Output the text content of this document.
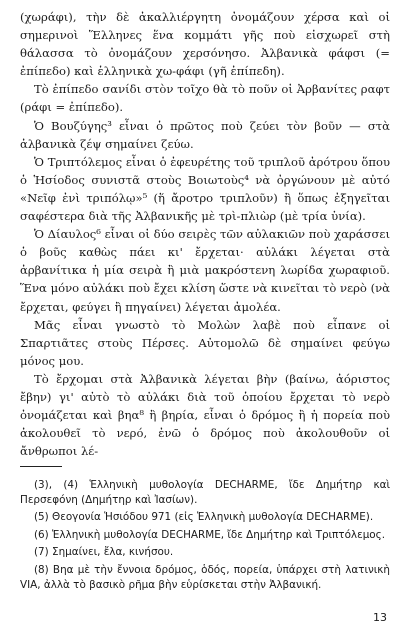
(χωράφι), τὴν δὲ ἀκαλλιέργητη ὀνομάζουν χέρσα καὶ οἱ σημερινοὶ Ἕλληνες ἕνα κομμάτι γῆς ποὺ εἰσχωρεῖ στὴ θάλασσα τὸ ὀνομάζουν χερσόνησο. Ἀλβανικὰ φάφσι (= ἐπίπεδο) καὶ ἑλληνικὰ χω-φάφι (γῆ ἐπίπεδη).

Τὸ ἐπίπεδο σανίδι στὸν τοῖχο θὰ τὸ ποῦν οἱ Ἀρβανίτες ραφτ (ράφι = ἐπίπεδο).

Ὁ Βουζύγης³ εἶναι ὁ πρῶτος ποὺ ζεύει τὸν βοῦν — στὰ ἀλβανικὰ ζέψ σημαίνει ζεύω.

Ὁ Τριπτόλεμος εἶναι ὁ ἐφευρέτης τοῦ τριπλοῦ ἀρότρου ὅπου ὁ Ἡσίοδος συνιστᾶ στοὺς Βοιωτοὺς⁴ νὰ ὀργώνουν μὲ αὐτό «Νεῖφ ἐνὶ τριπόλῳ»⁵ (ἥ ἄροτρο τριπλοῦν) ἢ ὅπως ἐξηγεῖται σαφέστερα διὰ τῆς Ἀλβανικῆς μὲ τρὶ-πλιὼρ (μὲ τρία ὑνία).

Ὁ Δίαυλος⁶ εἶναι οἱ δύο σειρὲς τῶν αὐλακιῶν ποὺ χαράσσει ὁ βοῦς καθὼς πάει κι' ἔρχεται· αὐλάκι λέγεται στὰ ἀρβανίτικα ἡ μία σειρὰ ἢ μιὰ μακρόστενη λωρίδα χωραφιοῦ. Ἕνα μόνο αὐλάκι ποὺ ἔχει κλίση ὥστε νὰ κινεῖται τὸ νερὸ (νὰ ἔρχεται, φεύγει ἢ πηγαίνει) λέγεται ἀμολέα.

Μᾶς εἶναι γνωστὸ τὸ Μολὼν λαβὲ ποὺ εἶπανε οἱ Σπαρτιᾶτες στοὺς Πέρσες. Αὐτομολῶ δὲ σημαίνει φεύγω μόνος μου.

Τὸ ἔρχομαι στὰ Ἀλβανικὰ λέγεται βὴν (βαίνω, ἀόριστος ἔβην) γι' αὐτὸ τὸ αὐλάκι διὰ τοῦ ὁποίου ἔρχεται τὸ νερὸ ὀνομάζεται καὶ βηα⁸ ἢ βηρία, εἶναι ὁ δρόμος ἢ ἡ πορεία ποὺ ἀκολουθεῖ τὸ νερό, ἐνῶ ὁ δρόμος ποὺ ἀκολουθοῦν οἱ ἄνθρωποι λέ-

(3), (4) Ἑλληνικὴ μυθολογία DECHARME, ἴδε Δημήτηρ καὶ Περσεφόνη (Δημήτηρ καὶ Ἰασίων).

(5) Θεογονία Ἡσιόδου 971 (εἰς Ἑλληνικὴ μυθολογία DECHARME).

(6) Ἑλληνικὴ μυθολογία DECHARME, ἴδε Δημήτηρ καὶ Τριπτόλεμος.

(7) Σημαίνει, ἔλα, κινήσου.

(8) Βηα μὲ τὴν ἔννοια δρόμος, ὁδός, πορεία, ὑπάρχει στὴ λατινικὴ VIA, ἀλλὰ τὸ βασικὸ ρῆμα βὴν εὑρίσκεται στὴν Ἀλβανική.

13
